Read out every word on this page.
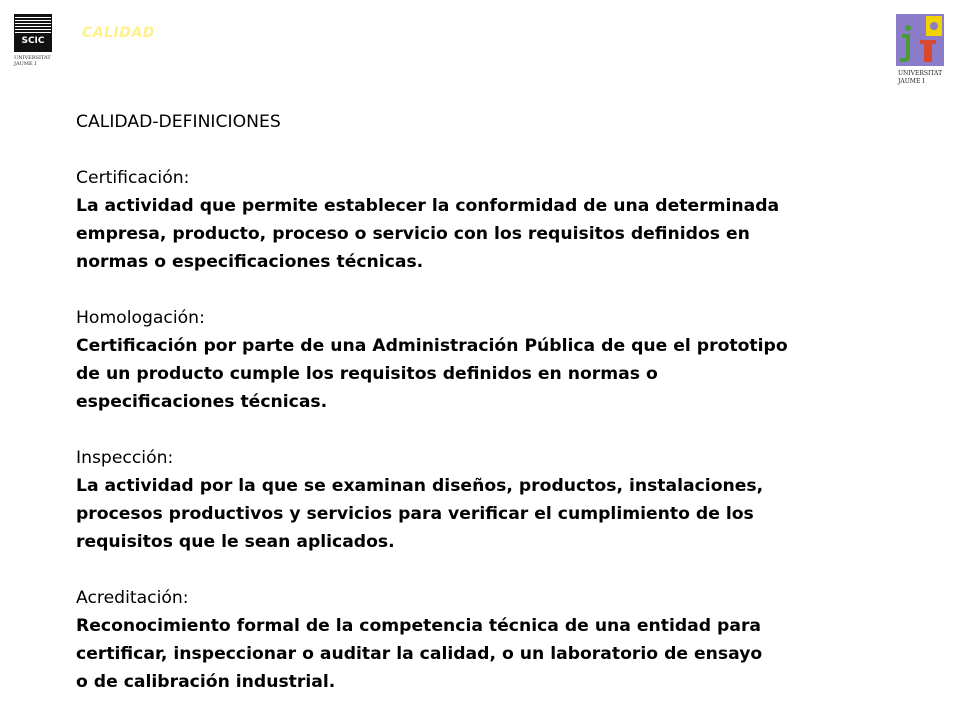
SCIC
UNIVERSITAT JAUME I
CALIDAD
UNIVERSITAT
JAUME I

CALIDAD-DEFINICIONES

Certificación:

La actividad que permite establecer la conformidad de una determinada

empresa, producto, proceso o servicio con los requisitos definidos en

normas o especificaciones técnicas.

Homologación:

Certificación por parte de una Administración Pública de que el prototipo

de un producto cumple los requisitos definidos en normas o

especificaciones técnicas.

Inspección:

La actividad por la que se examinan diseños, productos, instalaciones,

procesos productivos y servicios para verificar el cumplimiento de los

requisitos que le sean aplicados.

Acreditación:

Reconocimiento formal de la competencia técnica de una entidad para

certificar, inspeccionar o auditar la calidad, o un laboratorio de ensayo

o de calibración industrial.
